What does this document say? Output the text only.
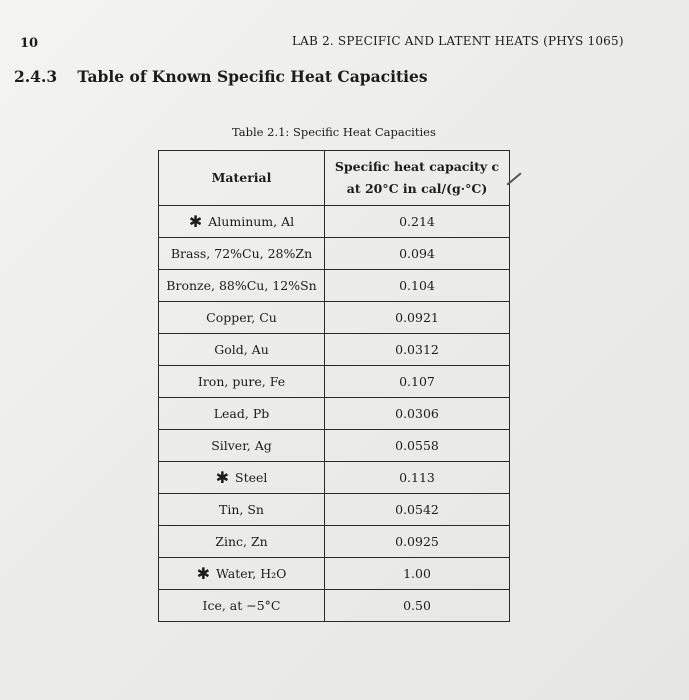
10	LAB 2. SPECIFIC AND LATENT HEATS (PHYS 1065)
2.4.3 Table of Known Specific Heat Capacities
Table 2.1: Specific Heat Capacities
Material	Specific heat capacity c
at 20°C in cal/(g·°C)

✱ Aluminum, Al	0.214
Brass, 72%Cu, 28%Zn	0.094
Bronze, 88%Cu, 12%Sn	0.104
Copper, Cu	0.0921
Gold, Au	0.0312
Iron, pure, Fe	0.107
Lead, Pb	0.0306
Silver, Ag	0.0558
✱ Steel	0.113
Tin, Sn	0.0542
Zinc, Zn	0.0925
✱ Water, H₂O	1.00
Ice, at −5°C	0.50
